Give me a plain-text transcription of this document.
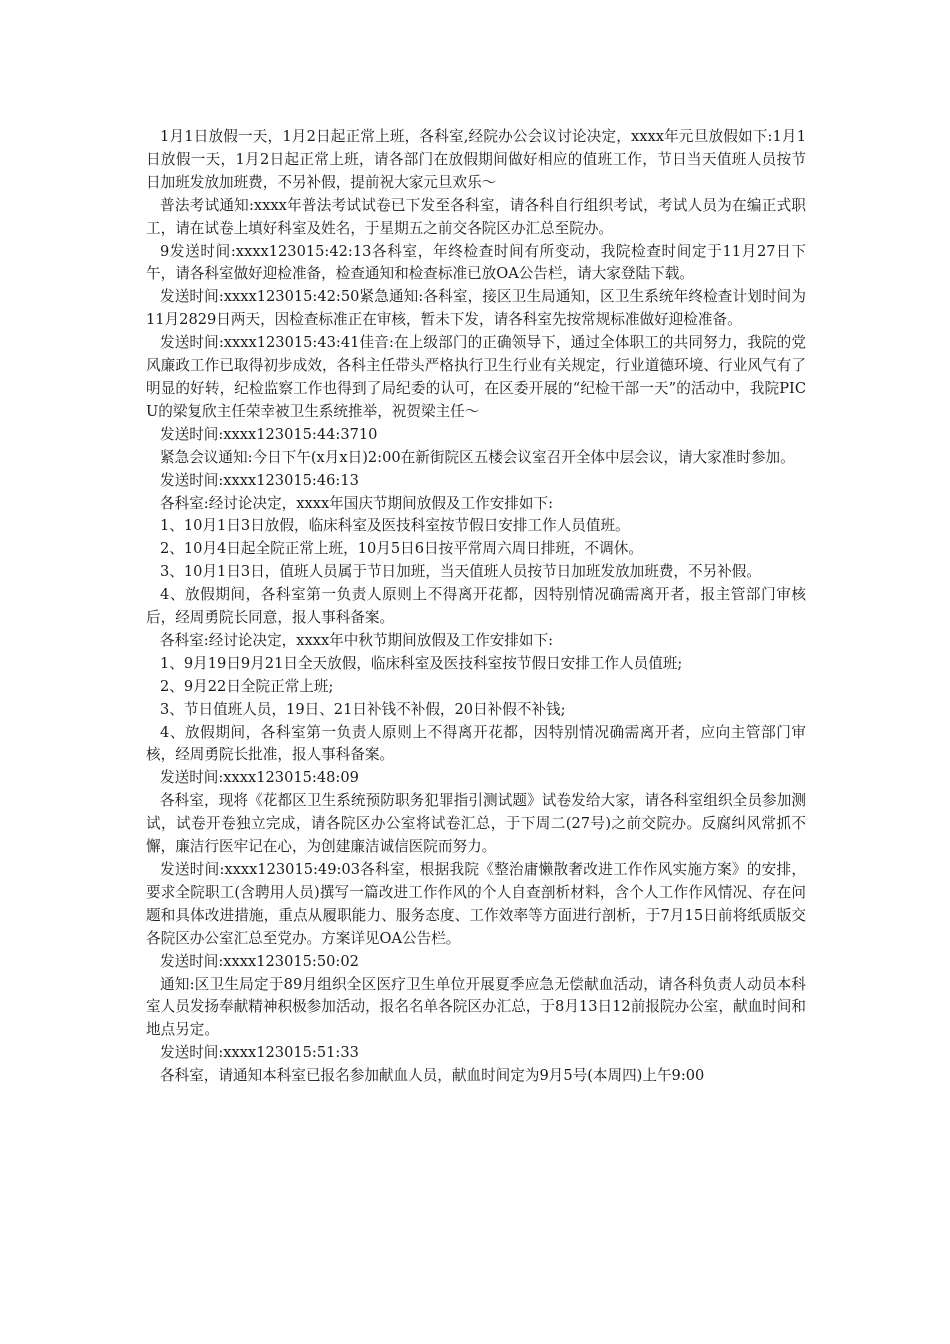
1月1日放假一天，1月2日起正常上班，各科室,经院办公会议讨论决定，xxxx年元旦放假如下:1月1日放假一天，1月2日起正常上班，请各部门在放假期间做好相应的值班工作，节日当天值班人员按节日加班发放加班费，不另补假，提前祝大家元旦欢乐～

普法考试通知:xxxx年普法考试试卷已下发至各科室，请各科自行组织考试，考试人员为在编正式职工，请在试卷上填好科室及姓名，于星期五之前交各院区办汇总至院办。

9发送时间:xxxx123015:42:13各科室，年终检查时间有所变动，我院检查时间定于11月27日下午，请各科室做好迎检准备，检查通知和检查标准已放OA公告栏，请大家登陆下载。

发送时间:xxxx123015:42:50紧急通知:各科室，接区卫生局通知，区卫生系统年终检查计划时间为11月2829日两天，因检查标准正在审核，暂未下发，请各科室先按常规标准做好迎检准备。

发送时间:xxxx123015:43:41佳音:在上级部门的正确领导下，通过全体职工的共同努力，我院的党风廉政工作已取得初步成效，各科主任带头严格执行卫生行业有关规定，行业道德环境、行业风气有了明显的好转，纪检监察工作也得到了局纪委的认可，在区委开展的“纪检干部一天”的活动中，我院PICU的梁复欣主任荣幸被卫生系统推举，祝贺梁主任～

发送时间:xxxx123015:44:3710

紧急会议通知:今日下午(x月x日)2:00在新街院区五楼会议室召开全体中层会议，请大家准时参加。

发送时间:xxxx123015:46:13

各科室:经讨论决定，xxxx年国庆节期间放假及工作安排如下:

1、10月1日3日放假，临床科室及医技科室按节假日安排工作人员值班。

2、10月4日起全院正常上班，10月5日6日按平常周六周日排班，不调休。

3、10月1日3日，值班人员属于节日加班，当天值班人员按节日加班发放加班费，不另补假。

4、放假期间，各科室第一负责人原则上不得离开花都，因特别情况确需离开者，报主管部门审核后，经周勇院长同意，报人事科备案。

各科室:经讨论决定，xxxx年中秋节期间放假及工作安排如下:

1、9月19日9月21日全天放假，临床科室及医技科室按节假日安排工作人员值班;

2、9月22日全院正常上班;

3、节日值班人员，19日、21日补钱不补假，20日补假不补钱;

4、放假期间，各科室第一负责人原则上不得离开花都，因特别情况确需离开者，应向主管部门审核，经周勇院长批准，报人事科备案。

发送时间:xxxx123015:48:09

各科室，现将《花都区卫生系统预防职务犯罪指引测试题》试卷发给大家，请各科室组织全员参加测试，试卷开卷独立完成，请各院区办公室将试卷汇总，于下周二(27号)之前交院办。反腐纠风常抓不懈，廉洁行医牢记在心，为创建廉洁诚信医院而努力。

发送时间:xxxx123015:49:03各科室，根据我院《整治庸懒散奢改进工作作风实施方案》的安排，要求全院职工(含聘用人员)撰写一篇改进工作作风的个人自查剖析材料，含个人工作作风情况、存在问题和具体改进措施，重点从履职能力、服务态度、工作效率等方面进行剖析，于7月15日前将纸质版交各院区办公室汇总至党办。方案详见OA公告栏。

发送时间:xxxx123015:50:02

通知:区卫生局定于89月组织全区医疗卫生单位开展夏季应急无偿献血活动，请各科负责人动员本科室人员发扬奉献精神积极参加活动，报名名单各院区办汇总，于8月13日12前报院办公室，献血时间和地点另定。

发送时间:xxxx123015:51:33

各科室，请通知本科室已报名参加献血人员，献血时间定为9月5号(本周四)上午9:00
